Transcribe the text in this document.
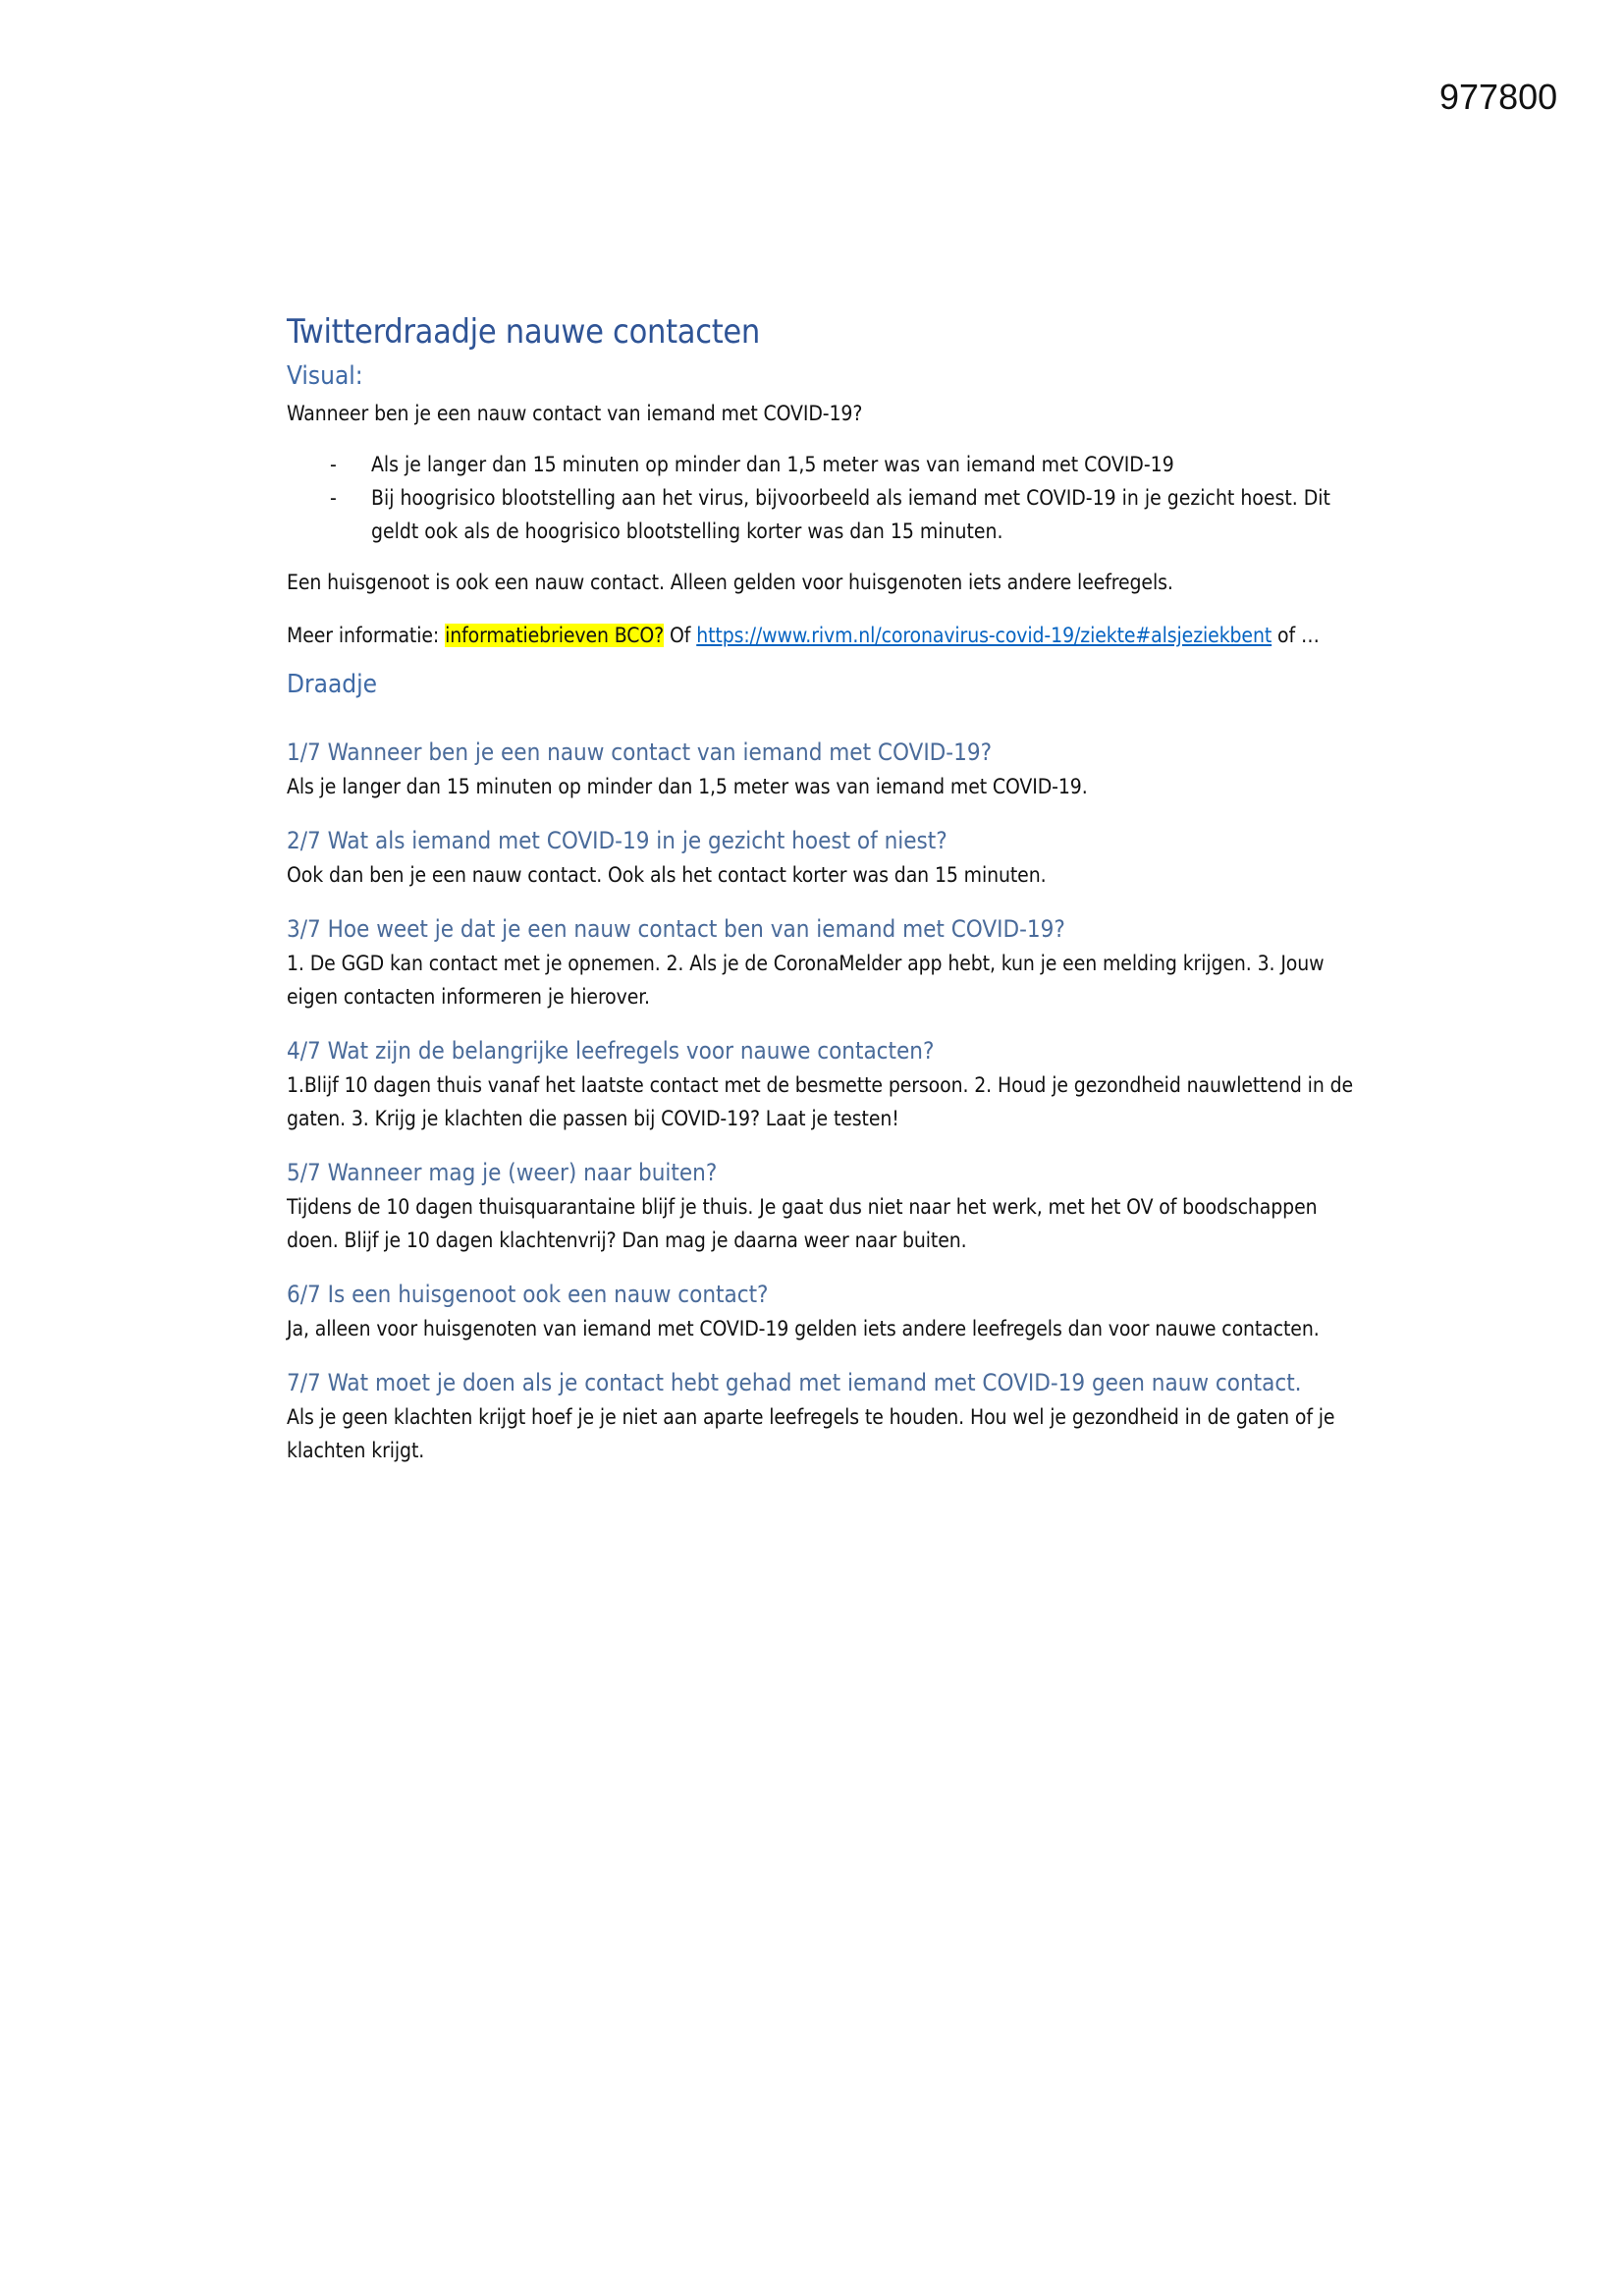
977800
Twitterdraadje nauwe contacten
Visual:

Wanneer ben je een nauw contact van iemand met COVID-19?

- Als je langer dan 15 minuten op minder dan 1,5 meter was van iemand met COVID-19
- Bij hoogrisico blootstelling aan het virus, bijvoorbeeld als iemand met COVID-19 in je gezicht hoest. Dit geldt ook als de hoogrisico blootstelling korter was dan 15 minuten.

Een huisgenoot is ook een nauw contact. Alleen gelden voor huisgenoten iets andere leefregels.

Meer informatie: informatiebrieven BCO? Of https://www.rivm.nl/coronavirus-covid-19/ziekte#alsjeziekbent of …

Draadje
1/7 Wanneer ben je een nauw contact van iemand met COVID-19?

Als je langer dan 15 minuten op minder dan 1,5 meter was van iemand met COVID-19.

2/7 Wat als iemand met COVID-19 in je gezicht hoest of niest?

Ook dan ben je een nauw contact. Ook als het contact korter was dan 15 minuten.

3/7 Hoe weet je dat je een nauw contact ben van iemand met COVID-19?

1. De GGD kan contact met je opnemen. 2. Als je de CoronaMelder app hebt, kun je een melding krijgen. 3. Jouw eigen contacten informeren je hierover.

4/7 Wat zijn de belangrijke leefregels voor nauwe contacten?

1.Blijf 10 dagen thuis vanaf het laatste contact met de besmette persoon. 2. Houd je gezondheid nauwlettend in de gaten. 3. Krijg je klachten die passen bij COVID-19? Laat je testen!

5/7 Wanneer mag je (weer) naar buiten?

Tijdens de 10 dagen thuisquarantaine blijf je thuis. Je gaat dus niet naar het werk, met het OV of boodschappen doen. Blijf je 10 dagen klachtenvrij? Dan mag je daarna weer naar buiten.

6/7 Is een huisgenoot ook een nauw contact?

Ja, alleen voor huisgenoten van iemand met COVID-19 gelden iets andere leefregels dan voor nauwe contacten.

7/7 Wat moet je doen als je contact hebt gehad met iemand met COVID-19 geen nauw contact.

Als je geen klachten krijgt hoef je je niet aan aparte leefregels te houden. Hou wel je gezondheid in de gaten of je klachten krijgt.
